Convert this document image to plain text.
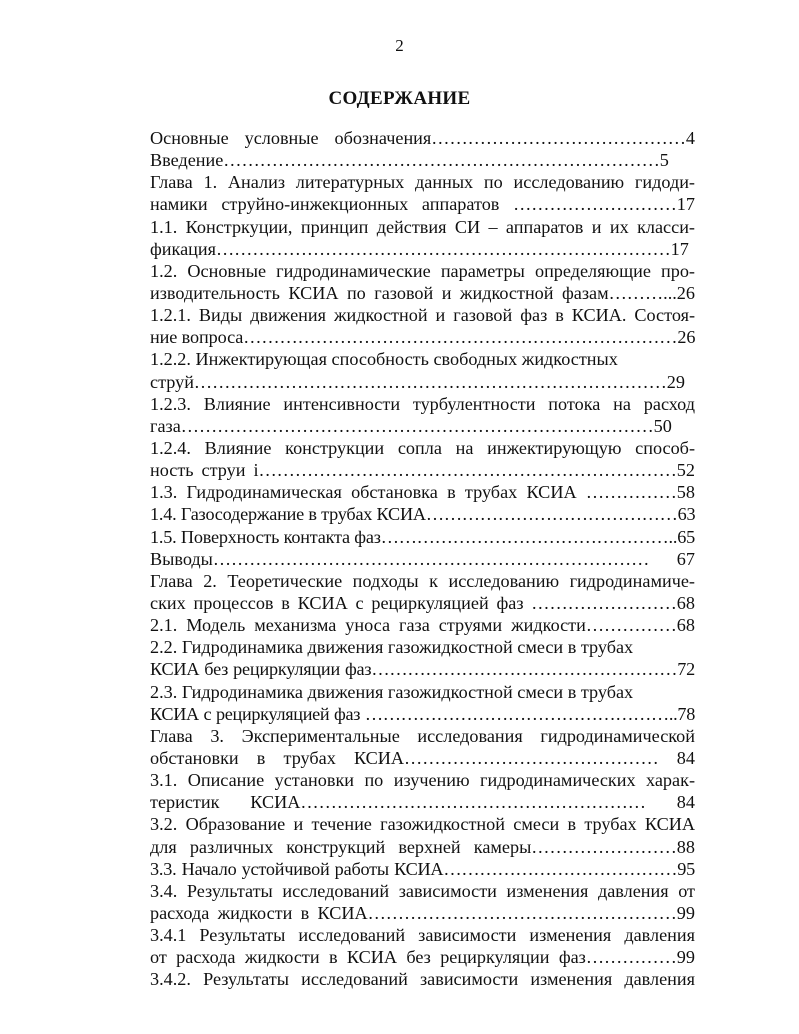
2
СОДЕРЖАНИЕ
Основные условные обозначения……………………………………4
Введение………………………………………………………………5
Глава 1. Анализ литературных данных по исследованию гидоди-
намики струйно-инжекционных аппаратов ………………………17
1.1. Констркуции, принцип действия СИ – аппаратов и их класси-
фикация…………………………………………………………………17
1.2. Основные гидродинамические параметры определяющие про-
изводительность КСИА по газовой и жидкостной фазам………...26
1.2.1. Виды движения жидкостной и газовой фаз в КСИА. Состоя-
ние вопроса………………………………………………………………26
1.2.2. Инжектирующая способность свободных жидкостных
струй……………………………………………………………………29
1.2.3. Влияние интенсивности турбулентности потока на расход
газа……………………………………………………………………50
1.2.4. Влияние конструкции сопла на инжектирующую способ-
ность струи i……………………………………………………………52
1.3. Гидродинамическая обстановка в трубах КСИА ……………58
1.4. Газосодержание в трубах КСИА……………………………………63
1.5. Поверхность контакта фаз…………………………………………..65
Выводы……………………………………………………………… 67
Глава 2. Теоретические подходы к исследованию гидродинамиче-
ских процессов в КСИА с рециркуляцией фаз ……………………68
2.1. Модель механизма уноса газа струями жидкости……………68
2.2. Гидродинамика движения газожидкостной смеси в трубах
КСИА без рециркуляции фаз……………………………………………72
2.3. Гидродинамика движения газожидкостной смеси в трубах
КСИА с рециркуляцией фаз ……………………………………………..78
Глава 3. Экспериментальные исследования гидродинамической
обстановки в трубах КСИА…………………………………… 84
3.1. Описание установки по изучению гидродинамических харак-
теристик КСИА………………………………………………… 84
3.2. Образование и течение газожидкостной смеси в трубах КСИА
для различных конструкций верхней камеры……………………88
3.3. Начало устойчивой работы КСИА…………………………………95
3.4. Результаты исследований зависимости изменения давления от
расхода жидкости в КСИА……………………………………………99
3.4.1 Результаты исследований зависимости изменения давления
от расхода жидкости в КСИА без рециркуляции фаз……………99
3.4.2. Результаты исследований зависимости изменения давления
